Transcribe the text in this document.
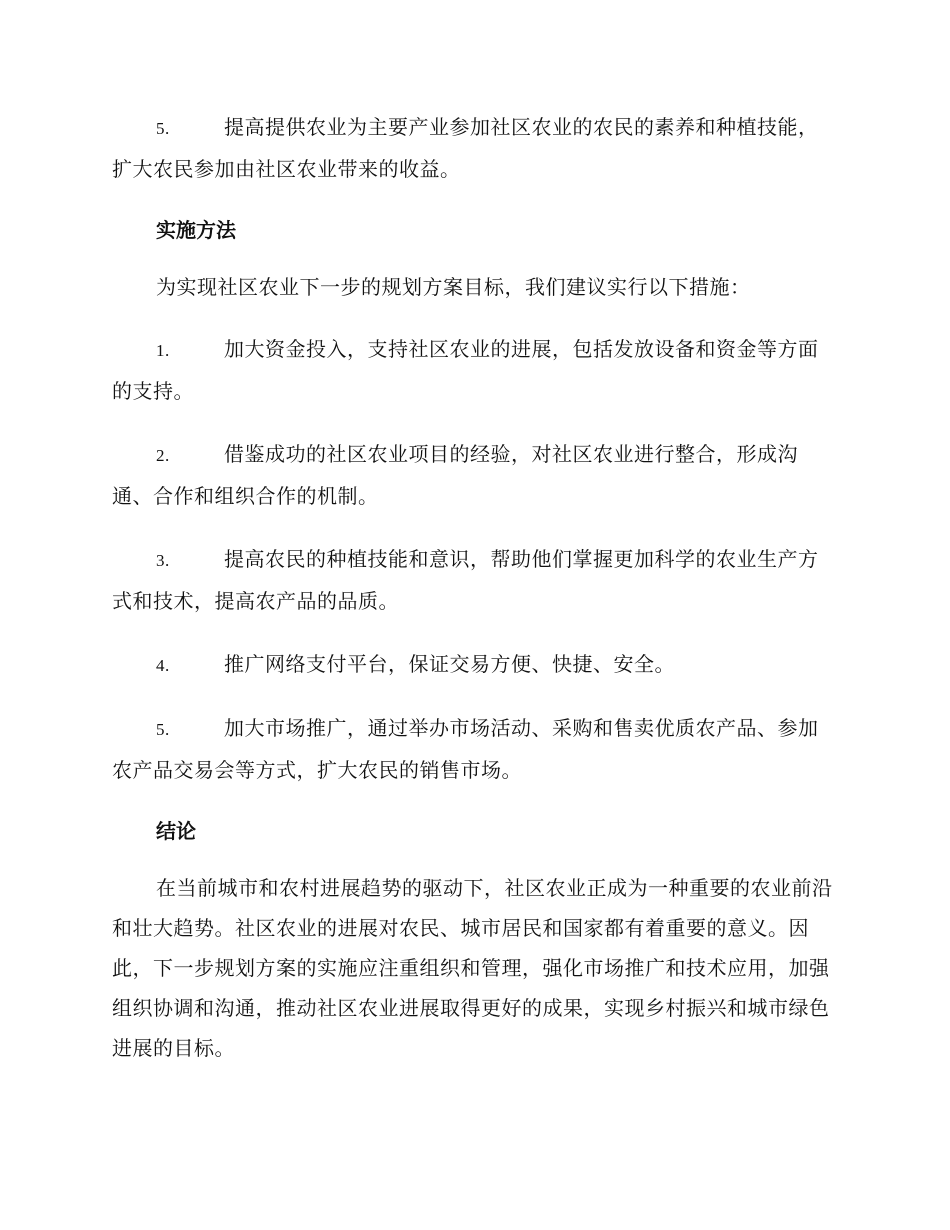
5.	提高提供农业为主要产业参加社区农业的农民的素养和种植技能，扩大农民参加由社区农业带来的收益。

实施方法

为实现社区农业下一步的规划方案目标，我们建议实行以下措施：

1.	加大资金投入，支持社区农业的进展，包括发放设备和资金等方面的支持。

2.	借鉴成功的社区农业项目的经验，对社区农业进行整合，形成沟通、合作和组织合作的机制。

3.	提高农民的种植技能和意识，帮助他们掌握更加科学的农业生产方式和技术，提高农产品的品质。

4.	推广网络支付平台，保证交易方便、快捷、安全。

5.	加大市场推广，通过举办市场活动、采购和售卖优质农产品、参加农产品交易会等方式，扩大农民的销售市场。

结论

在当前城市和农村进展趋势的驱动下，社区农业正成为一种重要的农业前沿和壮大趋势。社区农业的进展对农民、城市居民和国家都有着重要的意义。因此，下一步规划方案的实施应注重组织和管理，强化市场推广和技术应用，加强组织协调和沟通，推动社区农业进展取得更好的成果，实现乡村振兴和城市绿色进展的目标。
